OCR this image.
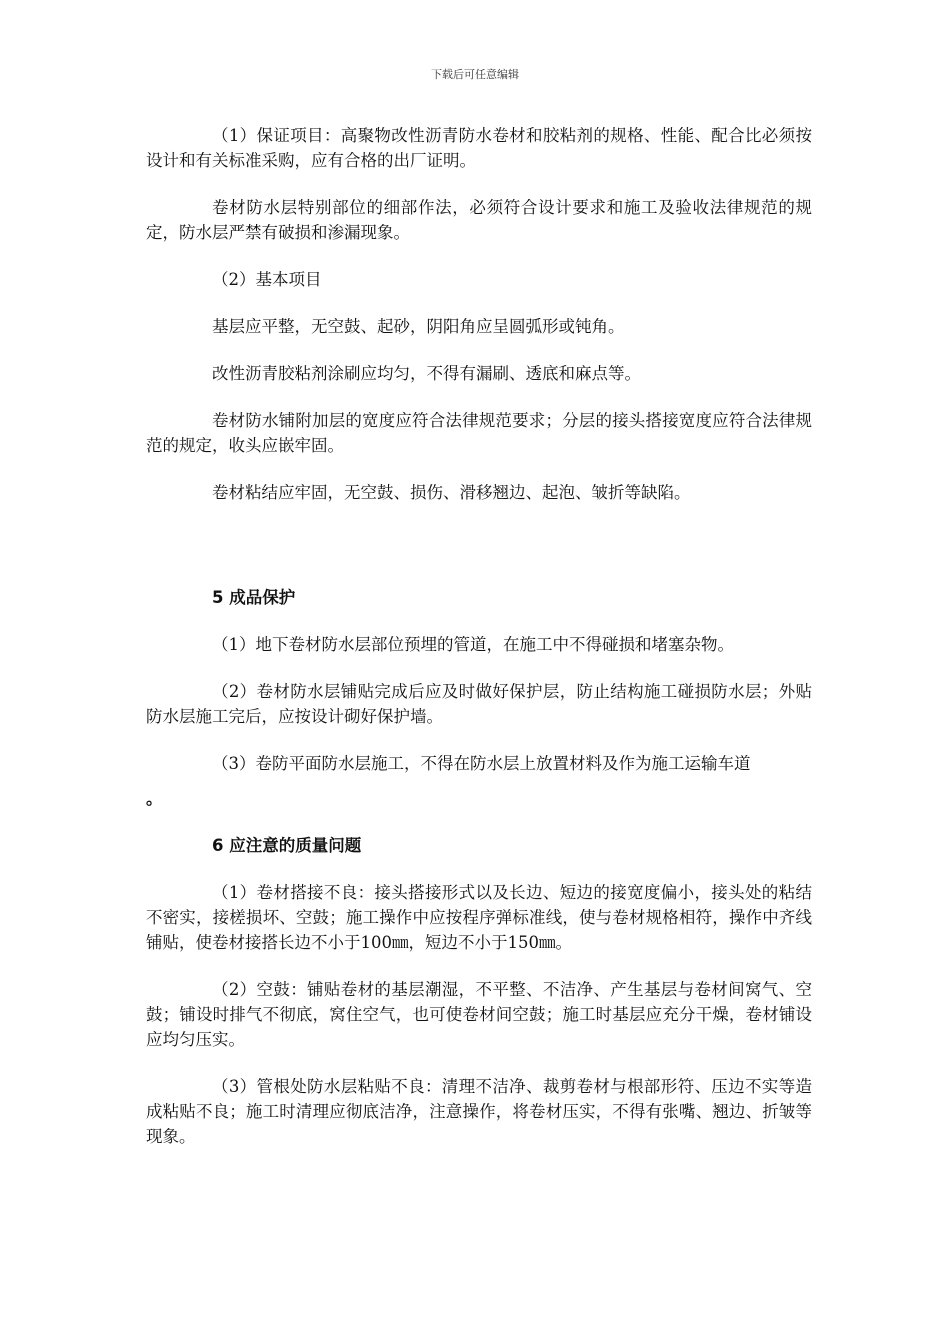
下载后可任意编辑

（1）保证项目：高聚物改性沥青防水卷材和胶粘剂的规格、性能、配合比必须按设计和有关标准采购，应有合格的出厂证明。

卷材防水层特别部位的细部作法，必须符合设计要求和施工及验收法律规范的规定，防水层严禁有破损和渗漏现象。

（2）基本项目

基层应平整，无空鼓、起砂，阴阳角应呈圆弧形或钝角。

改性沥青胶粘剂涂刷应均匀，不得有漏刷、透底和麻点等。

卷材防水铺附加层的宽度应符合法律规范要求；分层的接头搭接宽度应符合法律规范的规定，收头应嵌牢固。

卷材粘结应牢固，无空鼓、损伤、滑移翘边、起泡、皱折等缺陷。

5 成品保护

（1）地下卷材防水层部位预埋的管道，在施工中不得碰损和堵塞杂物。

（2）卷材防水层铺贴完成后应及时做好保护层，防止结构施工碰损防水层；外贴防水层施工完后，应按设计砌好保护墙。

（3）卷防平面防水层施工，不得在防水层上放置材料及作为施工运输车道

。

6 应注意的质量问题

（1）卷材搭接不良：接头搭接形式以及长边、短边的接宽度偏小，接头处的粘结不密实，接槎损坏、空鼓；施工操作中应按程序弹标准线，使与卷材规格相符，操作中齐线铺贴，使卷材接搭长边不小于100㎜，短边不小于150㎜。

（2）空鼓：铺贴卷材的基层潮湿，不平整、不洁净、产生基层与卷材间窝气、空鼓；铺设时排气不彻底，窝住空气，也可使卷材间空鼓；施工时基层应充分干燥，卷材铺设应均匀压实。

（3）管根处防水层粘贴不良：清理不洁净、裁剪卷材与根部形符、压边不实等造成粘贴不良；施工时清理应彻底洁净，注意操作，将卷材压实，不得有张嘴、翘边、折皱等现象。
